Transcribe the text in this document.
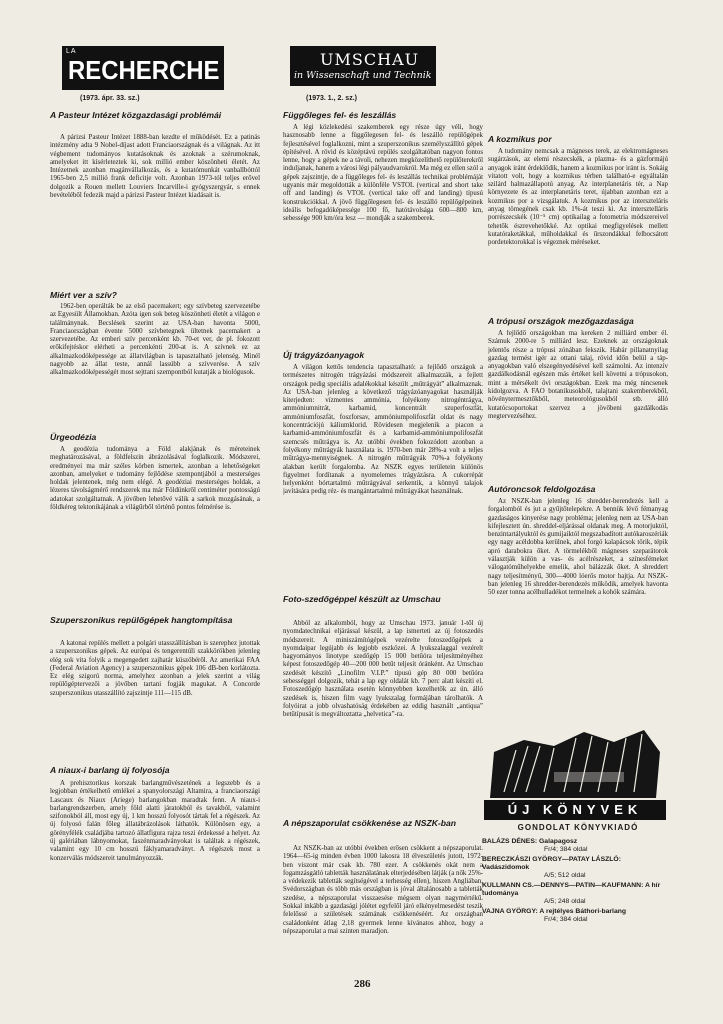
LA
RECHERCHE
(1973. ápr. 33. sz.)
UMSCHAU
in Wissenschaft und Technik
(1973. 1., 2. sz.)
A Pasteur Intézet közgazdasági problémái

A párizsi Pasteur Intézet 1888-ban kezdte el működését. Ez a patinás intézmény adta 9 Nobel-díjast adott Franciaországnak és a világnak. Az itt végbement tudományos kutatásoknak és azoknak a szérumoknak, amelyeket itt kísérleteztek ki, sok millió ember köszönheti életét. Az Intézetnek azonban magánvállalkozás, és a kutatómunkát vanballbóttól 1965-ben 2,5 millió frank deficitje volt. Azonban 1973-tól teljes erővel dolgozik a Rouen mellett Louviers Incarville-i gyógyszergyár, s ennek bevételéből fedezik majd a párizsi Pasteur Intézet kiadásait is.

Miért ver a szív?

1962-ben operálták be az első pacemakert; egy szívbeteg szervezetébe az Egyesült Államokban. Azóta igen sok beteg köszönheti életét a világon e találmánynak. Becslések szerint az USA-ban havonta 5000, Franciaországban évente 5000 szívbetegnek ültetnek pacemakert a szervezetébe. Az emberi szív percenként kb. 70-et ver, de pl. fokozott erőkifejtéskor elérheti a percenkénti 200-at is. A szívnek ez az alkalmazkodóképessége az állatvilágban is tapasztalható jelenség. Minél nagyobb az állat teste, annál lassúbb a szívverése. A szív alkalmazkodóképességét most sejttani szempontból kutatják a biológusok.

Ürgeodézia

A geodézia tudománya a Föld alakjának és méreteinek meghatározásával, a földfelszín ábrázolásával foglalkozik. Módszerei, eredményei ma már széles körben ismertek, azonban a lehetőségeket azonban, amelyeket e tudomány fejlődése szempontjából a mesterséges holdak jelentenek, még nem elégé. A geodéziai mesterséges holdak, a lézeres távolságmérő rendszerek ma már Földünkről centiméter pontosságú adatokat szolgáltatnak. A jövőben lehetővé válik a sarkok mozgásának, a földkéreg tektonikájának a világűrből történő pontos felmérése is.

Szuperszonikus repülőgépek hangtompítása

A katonai repülés mellett a polgári utasszállításban is szerephez jutottak a szuperszonikus gépek. Az európai és tengerentúli szakkörökben jelenleg elég sok vita folyik a megengedett zajhatár küszöbéről. Az amerikai FAA (Federal Aviation Agency) a szuperszonikus gépek 106 dB-ben korlátozta. Ez elég szigorú norma, amelyhez azonban a jelek szerint a világ repülőgéptervezői a jövőben tartani fogják magukat. A Concorde szuperszonikus utasszállító zajszintje 111—115 dB.

A niaux-i barlang új folyosója

A prehisztorikus korszak barlangművészetének a legszebb és a legjobban értékelhető emlékei a spanyolországi Altamira, a franciaországi Lascaux és Niaux (Ariege) barlangokban maradtak fenn. A niaux-i barlangrendszerben, amely föld alatti járatokból és tavakból, valamint szifonokból áll, most egy új, 1 km hosszú folyosót tártak fel a régészek. Az új folyosó falán főleg állatábrázolások láthatók. Különösen egy, a görényfélék családjába tartozó állatfigura rajza teszi érdekessé a helyet. Az új galériában lábnyomokat, faszénmaradványokat is találtak a régészek, valamint egy 10 cm hosszú fáklyamaradványt. A régészek most a konzerválás módszereit tanulmányozzák.

Függőleges fel- és leszállás

A légi közlekedési szakemberek egy része úgy véli, hogy hasznosabb lenne a függőlegesen fel- és leszálló repülőgépek fejlesztésével foglalkozni, mint a szuperszonikus személyszállító gépek építésével. A rövid és középtávú repülés szolgáltatóban nagyon fontos lenne, hogy a gépek ne a távoli, nehezen megközelíthető repülőterekről induljanak, hanem a városi légi pályaudvarokról. Ma még ez ellen szól a gépek zajszintje, de a függőleges fel- és leszállás technikai problémáját ugyanis már megoldották a különféle VSTOL (vertical and short take off and landing) és VTOL (vertical take off and landing) típusú konstrukciókkal. A jövő függőlegesen fel- és leszálló repülőgépeinek ideális befogadóképessége 100 fő, hatótávolsága 600—800 km, sebessége 900 km/óra lesz — mondják a szakemberek.

Új trágyázóanyagok

A világon kettős tendencia tapasztalható: a fejlődő országok a természetes nitrogén trágyázási módszereit alkalmazzák, a fejlett országok pedig speciális adalékokkal készült „műtrágyát” alkalmaznak. Az USA-ban jelenleg a következő trágyázóanyagokat használják kiterjedten: vízmentes ammónia, folyékony nitrogéntrágya, ammóniumnitrát, karbamid, koncentrált szuperfoszfát, ammóniumfoszfát, foszforsav, ammóniumpolifoszfát oldat és nagy koncentrációjú káliumklorid. Rövidesen megjelenik a piacon a karbamid-ammóniumfoszfát és a karbamid-ammóniumpolifoszfát szemcsés műtrágya is. Az utóbbi években fokozódott azonban a folyékony műtrágyák használata is. 1970-ben már 28%-a volt a teljes műtrágya-mennyiségnek. A nitrogén műtrágyák 70%-a folyékony alakban került forgalomba. Az NSZK egyes területein különös figyelmet fordítanak a nyomelemes trágyázásra. A cukorrépát helyenként bórtartalmú műtrágyával serkentik, a könnyű talajok javítására pedig réz- és mangántartalmú műtrágyákat használnak.

Foto-szedőgéppel készült az Umschau

Abból az alkalomból, hogy az Umschau 1973. január 1-től új nyomdatechnikai eljárással készül, a lap ismerteti az új fotoszedés módszereit. A miniszámítógépek vezérelte fotoszedőgépek a nyomdaipar legújabb és legjobb eszközei. A lyukszalaggal vezérelt hagyományos linotype szedőgép 15 000 betűóra teljesítményéhez képest fotoszedőgép 40—200 000 betűt teljesít óránként. Az Umschau szedését készítő „Linofilm V.I.P.” típusú gép 80 000 betűóra sebességgel dolgozik, tehát a lap egy oldalát kb. 7 perc alatt készíti el. Fotoszedőgép használata esetén könnyebben kezelhetők az ún. álló szedések is, hiszen film vagy lyukszalag formájában tárolhatók. A folyóirat a jobb olvashatóság érdekében az eddig használt „antiqua” betűtípusát is megváltoztatta „helvetica”-ra.

A népszaporulat csökkenése az NSZK-ban

Az NSZK-ban az utóbbi években erősen csökkent a népszaporulat. 1964—65-ig minden évben 1000 lakosra 18 élveszületés jutott, 1972-ben viszont már csak kb. 780 ezer. A csökkenés okát nem a fogamzásgátló tabletták használatának elterjedésében látják (a nők 25%-a védekezik tabletták segítségével a terhesség ellen), hiszen Angliában, Svédországban és több más országban is jóval általánosabb a tabletták szedése, a népszaporulat visszaesése mégsem olyan nagymértékű. Sokkal inkább a gazdasági jólétet egyfelől járó elkényelmesedést teszik felelőssé a születések számának csökkenéséért. Az országban családonként átlag 2,18 gyermek lenne kívánatos ahhoz, hogy a népszaporulat a mai szinten maradjon.

A kozmikus por

A tudomány nemcsak a mágneses terek, az elektromágneses sugárzások, az elemi részecskék, a plazma- és a gázformájú anyagok iránt érdeklődik, hanem a kozmikus por iránt is. Sokáig vitatott volt, hogy a kozmikus térben található-e egyáltalán szilárd halmazállapotú anyag. Az interplanetáris tér, a Nap környezete és az interplanetáris teret, újabban azonban ezt a kozmikus por a vizsgálatuk. A kozmikus por az interszteláris anyag tömegének csak kb. 1%-át teszi ki. Az intersztelláris porrészecskék (10⁻⁵ cm) optikailag a fotometria módszereivel tehetők észrevehetőkké. Az optikai megfigyelések mellett kutatóraketákkal, műholdakkal és űrszondákkal felbocsátott pordetektorokkal is végeznek méréseket.

A trópusi országok mezőgazdasága

A fejlődő országokban ma kereken 2 milliárd ember él. Számuk 2000-re 5 milliárd lesz. Ezeknek az országoknak jelentős része a trópusi zónában fekszik. Habár pillanatnyilag gazdag termést igér az ottani talaj, rövid időn belül a táp-anyagokban való elszegényedésével kell számolni. Az intenzív gazdálkodásnál egészen más értéket kell követni a trópusokon, mint a mérsékelt övi országokban. Ezek ma még nincsenek kidolgozva. A FAO botanikusokból, talajtani szakemberekből, növénytermesztőkből, meteorológusokból stb. álló kutatócsoportokat szervez a jövőbeni gazdálkodás megtervezéséhez.

Autóroncsok feldolgozása

Az NSZK-ban jelenleg 16 shredder-berendezés kell a forgalomból és jut a gyűjtőtelepekre. A bennük lévő fémanyag gazdaságos kinyerése nagy probléma; jelenleg nem az USA-ban kifejlesztett ún. shreddel-eljárással oldanak meg. A motorjuktól, benzintartályuktól és gumijaiktól megszabadított autókaroszériák egy nagy acéldobba kerülnek, ahol forgó kalapácsok törik, tépik apró darabokra őket. A törmelékből mágneses szeparátorok választják külön a vas- és acélrészeket, a színesfémeket válogatóműhelyekbe emelik, ahol bálázzák őket. A shreddert nagy teljesítményű, 300—4000 lóerős motor hajtja. Az NSZK-ban jelenleg 16 shredder-berendezés működik, amelyek havonta 50 ezer tonna acélhulladékot termelnek a kohók számára.

ÚJ KÖNYVEK
GONDOLAT KÖNYVKIADÓ
BALÁZS DÉNES: Galapagosz
Fr/4; 384 oldal
BERECZKÁSZI GYÖRGY—PATAY LÁSZLÓ: Vadászidomok
A/5; 512 oldal
KULLMANN CS.—DENNYS—PATIN—KAUFMANN: A hír tudománya
A/5; 248 oldal
VAJNA GYÖRGY: A rejtélyes Báthori-barlang
Fr/4; 384 oldal
286
